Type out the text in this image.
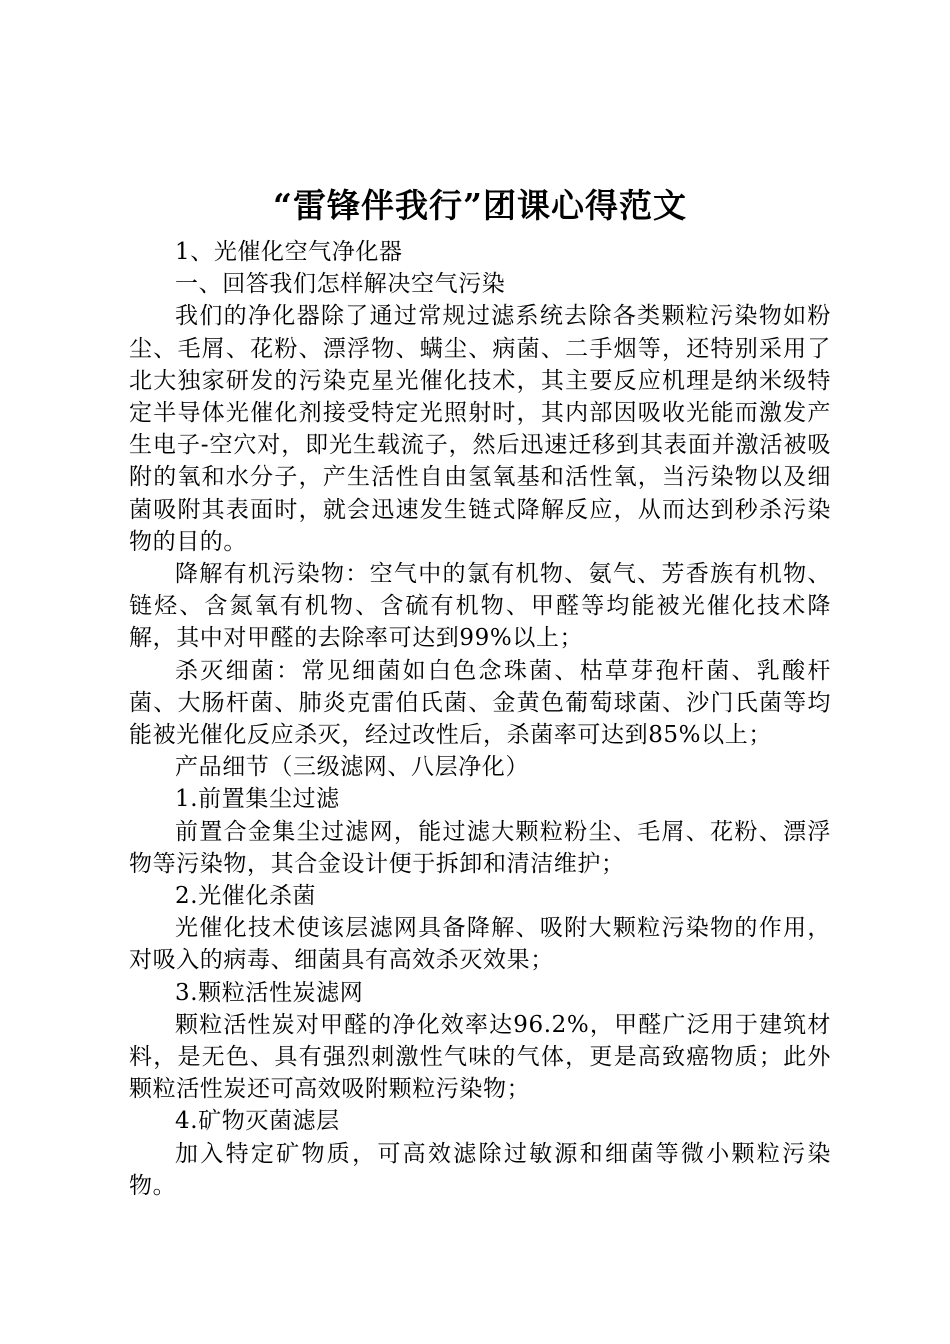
“雷锋伴我行”团课心得范文

1、光催化空气净化器

一、回答我们怎样解决空气污染

我们的净化器除了通过常规过滤系统去除各类颗粒污染物如粉尘、毛屑、花粉、漂浮物、螨尘、病菌、二手烟等，还特别采用了北大独家研发的污染克星光催化技术，其主要反应机理是纳米级特定半导体光催化剂接受特定光照射时，其内部因吸收光能而激发产生电子-空穴对，即光生载流子，然后迅速迁移到其表面并激活被吸附的氧和水分子，产生活性自由氢氧基和活性氧，当污染物以及细菌吸附其表面时，就会迅速发生链式降解反应，从而达到秒杀污染物的目的。

降解有机污染物：空气中的氯有机物、氨气、芳香族有机物、链烃、含氮氧有机物、含硫有机物、甲醛等均能被光催化技术降解，其中对甲醛的去除率可达到99%以上；

杀灭细菌：常见细菌如白色念珠菌、枯草芽孢杆菌、乳酸杆菌、大肠杆菌、肺炎克雷伯氏菌、金黄色葡萄球菌、沙门氏菌等均能被光催化反应杀灭，经过改性后，杀菌率可达到85%以上；

产品细节（三级滤网、八层净化）

1.前置集尘过滤

前置合金集尘过滤网，能过滤大颗粒粉尘、毛屑、花粉、漂浮物等污染物，其合金设计便于拆卸和清洁维护；

2.光催化杀菌

光催化技术使该层滤网具备降解、吸附大颗粒污染物的作用，对吸入的病毒、细菌具有高效杀灭效果；

3.颗粒活性炭滤网

颗粒活性炭对甲醛的净化效率达96.2%，甲醛广泛用于建筑材料，是无色、具有强烈刺激性气味的气体，更是高致癌物质；此外颗粒活性炭还可高效吸附颗粒污染物；

4.矿物灭菌滤层

加入特定矿物质，可高效滤除过敏源和细菌等微小颗粒污染物。
